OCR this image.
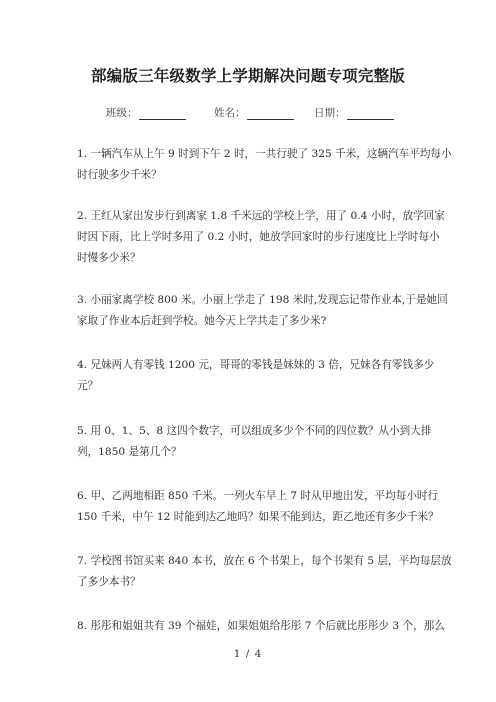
部编版三年级数学上学期解决问题专项完整版
班级：	姓名：	日期：
1. 一辆汽车从上午 9 时到下午 2 时，一共行驶了 325 千米，这辆汽车平均每小
时行驶多少千米？
2. 王红从家出发步行到离家 1.8 千米远的学校上学，用了 0.4 小时，放学回家
时因下雨，比上学时多用了 0.2 小时，她放学回家时的步行速度比上学时每小
时慢多少米？
3. 小丽家离学校 800 米。小丽上学走了 198 米时,发现忘记带作业本,于是她回
家取了作业本后赶到学校。她今天上学共走了多少米?
4. 兄妹两人有零钱 1200 元，哥哥的零钱是妹妹的 3 倍，兄妹各有零钱多少
元？
5. 用 0、1、5、8 这四个数字，可以组成多少个不同的四位数？从小到大排
列，1850 是第几个？
6. 甲、乙两地相距 850 千米。一列火车早上 7 时从甲地出发，平均每小时行
150 千米，中午 12 时能到达乙地吗？如果不能到达，距乙地还有多少千米？
7. 学校图书馆买来 840 本书，放在 6 个书架上，每个书架有 5 层，平均每层放
了多少本书？
8. 彤彤和姐姐共有 39 个福娃，如果姐姐给彤彤 7 个后就比彤彤少 3 个，那么
1 / 4
